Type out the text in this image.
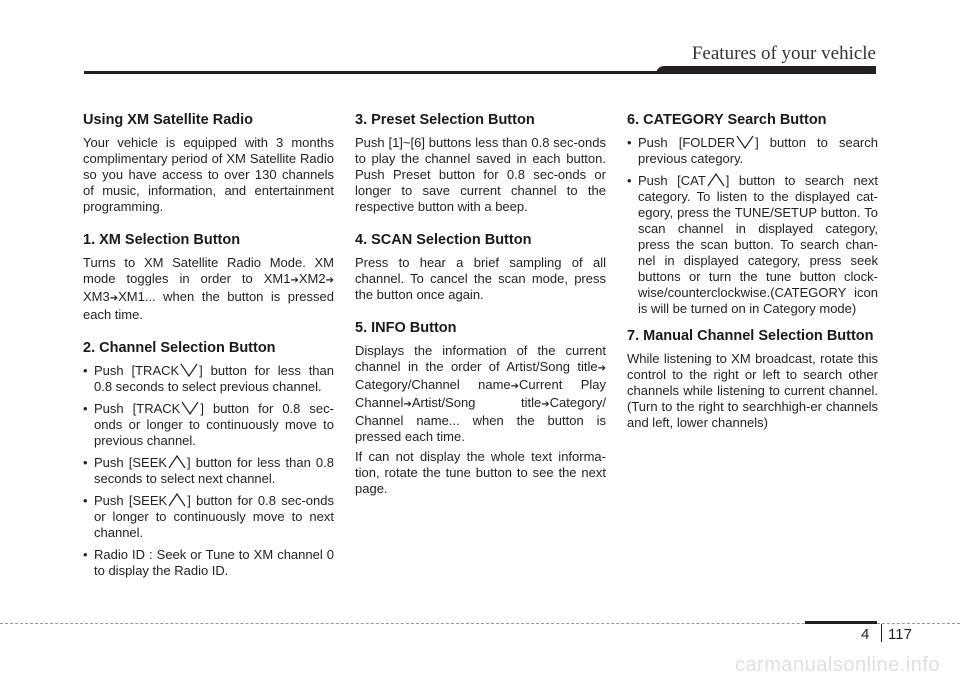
Features of your vehicle
Using XM Satellite Radio

Your vehicle is equipped with 3 months complimentary period of XM Satellite Radio so you have access to over 130 channels of music, information, and entertainment programming.

1. XM Selection Button

Turns to XM Satellite Radio Mode. XM mode toggles in order to XM1➔XM2➔ XM3➔XM1... when the button is pressed each time.

2. Channel Selection Button
• Push [TRACK ] button for less than 0.8 seconds to select previous channel.
• Push [TRACK ] button for 0.8 sec-onds or longer to continuously move to previous channel.
• Push [SEEK ] button for less than 0.8 seconds to select next channel.
• Push [SEEK ] button for 0.8 sec-onds or longer to continuously move to next channel.
• Radio ID : Seek or Tune to XM channel 0 to display the Radio ID.
3. Preset Selection Button

Push [1]~[6] buttons less than 0.8 sec-onds to play the channel saved in each button. Push Preset button for 0.8 sec-onds or longer to save current channel to the respective button with a beep.

4. SCAN Selection Button

Press to hear a brief sampling of all channel. To cancel the scan mode, press the button once again.

5. INFO Button

Displays the information of the current channel in the order of Artist/Song title➔ Category/Channel name➔Current Play Channel➔Artist/Song title➔Category/ Channel name... when the button is pressed each time.

If can not display the whole text informa-tion, rotate the tune button to see the next page.

6. CATEGORY Search Button
• Push [FOLDER ] button to search previous category.
• Push [CAT ] button to search next category. To listen to the displayed cat-egory, press the TUNE/SETUP button. To scan channel in displayed category, press the scan button. To search chan-nel in displayed category, press seek buttons or turn the tune button clock-wise/counterclockwise.(CATEGORY icon is will be turned on in Category mode)
7. Manual Channel Selection Button

While listening to XM broadcast, rotate this control to the right or left to search other channels while listening to current channel. (Turn to the right to searchhigh-er channels and left, lower channels)

4 117
carmanualsonline.info
